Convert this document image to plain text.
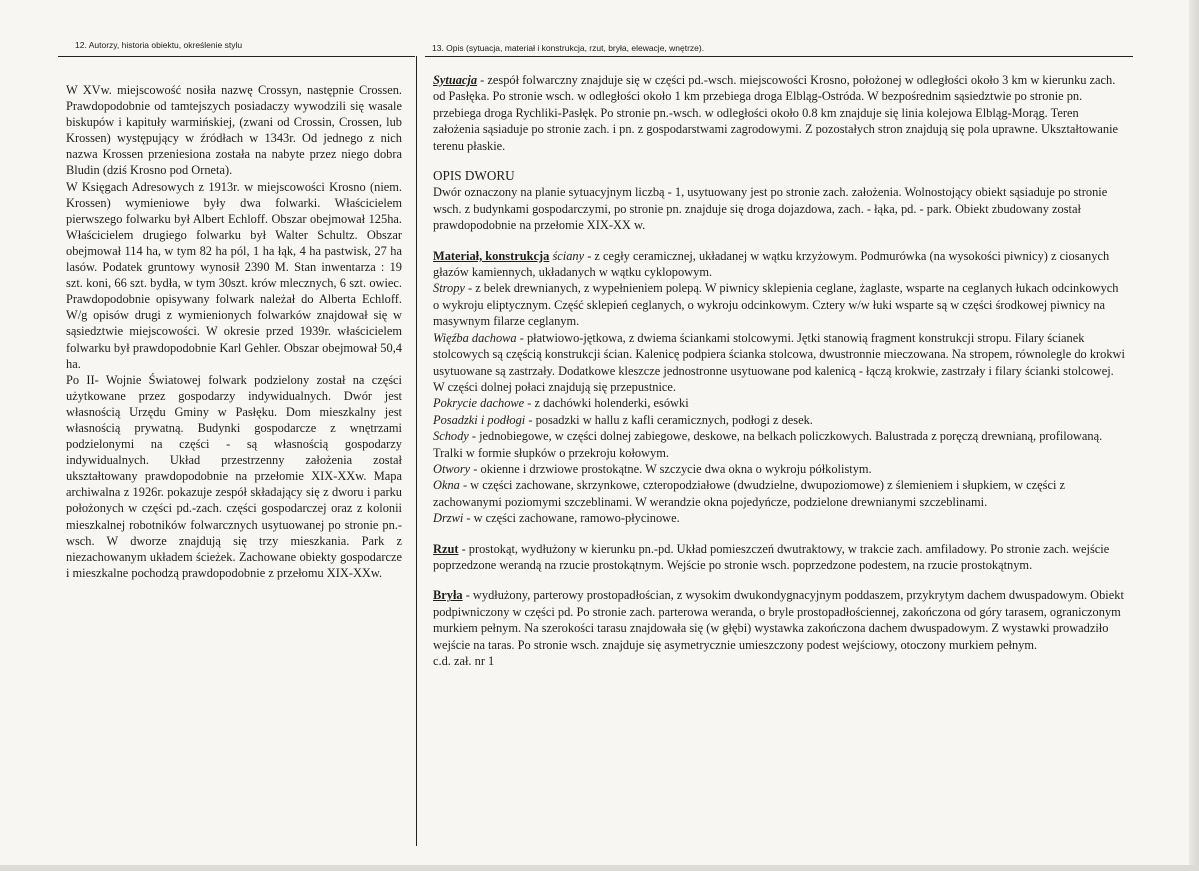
12. Autorzy, historia obiektu, określenie stylu	13. Opis (sytuacja, materiał i konstrukcja, rzut, bryła, elewacje, wnętrze).

W XVw. miejscowość nosiła nazwę Crossyn, następnie Crossen. Prawdopodobnie od tamtejszych posiadaczy wywodzili się wasale biskupów i kapituły warmińskiej, (zwani od Crossin, Crossen, lub Krossen) występujący w źródłach w 1343r. Od jednego z nich nazwa Krossen przeniesiona została na nabyte przez niego dobra Bludin (dziś Krosno pod Orneta).

W Księgach Adresowych z 1913r. w miejscowości Krosno (niem. Krossen) wymieniowe były dwa folwarki. Właścicielem pierwszego folwarku był Albert Echloff. Obszar obejmował 125ha. Właścicielem drugiego folwarku był Walter Schultz. Obszar obejmował 114 ha, w tym 82 ha pól, 1 ha łąk, 4 ha pastwisk, 27 ha lasów. Podatek gruntowy wynosił 2390 M. Stan inwentarza : 19 szt. koni, 66 szt. bydła, w tym 30szt. krów mlecznych, 6 szt. owiec. Prawdopodobnie opisywany folwark należał do Alberta Echloff. W/g opisów drugi z wymienionych folwarków znajdował się w sąsiedztwie miejscowości. W okresie przed 1939r. właścicielem folwarku był prawdopodobnie Karl Gehler. Obszar obejmował 50,4 ha.

Po II- Wojnie Światowej folwark podzielony został na części użytkowane przez gospodarzy indywidualnych. Dwór jest własnością Urzędu Gminy w Pasłęku. Dom mieszkalny jest własnością prywatną. Budynki gospodarcze z wnętrzami podzielonymi na części - są własnością gospodarzy indywidualnych. Układ przestrzenny założenia został ukształtowany prawdopodobnie na przełomie XIX-XXw. Mapa archiwalna z 1926r. pokazuje zespół składający się z dworu i parku położonych w części pd.-zach. części gospodarczej oraz z kolonii mieszkalnej robotników folwarcznych usytuowanej po stronie pn.-wsch. W dworze znajdują się trzy mieszkania. Park z niezachowanym układem ścieżek. Zachowane obiekty gospodarcze i mieszkalne pochodzą prawdopodobnie z przełomu XIX-XXw.

Sytuacja - zespół folwarczny znajduje się w części pd.-wsch. miejscowości Krosno, położonej w odległości około 3 km w kierunku zach. od Pasłęka. Po stronie wsch. w odległości około 1 km przebiega droga Elbląg-Ostróda. W bezpośrednim sąsiedztwie po stronie pn. przebiega droga Rychliki-Pasłęk. Po stronie pn.-wsch. w odległości około 0.8 km znajduje się linia kolejowa Elbląg-Morąg. Teren założenia sąsiaduje po stronie zach. i pn. z gospodarstwami zagrodowymi. Z pozostałych stron znajdują się pola uprawne. Ukształtowanie terenu płaskie.

OPIS DWORU

Dwór oznaczony na planie sytuacyjnym liczbą - 1, usytuowany jest po stronie zach. założenia. Wolnostojący obiekt sąsiaduje po stronie wsch. z budynkami gospodarczymi, po stronie pn. znajduje się droga dojazdowa, zach. - łąka, pd. - park. Obiekt zbudowany został prawdopodobnie na przełomie XIX-XX w.

Materiał, konstrukcja ściany - z cegły ceramicznej, układanej w wątku krzyżowym. Podmurówka (na wysokości piwnicy) z ciosanych głazów kamiennych, układanych w wątku cyklopowym.

Stropy - z belek drewnianych, z wypełnieniem polepą. W piwnicy sklepienia ceglane, żaglaste, wsparte na ceglanych łukach odcinkowych o wykroju eliptycznym. Część sklepień ceglanych, o wykroju odcinkowym. Cztery w/w łuki wsparte są w części środkowej piwnicy na masywnym filarze ceglanym.

Więźba dachowa - płatwiowo-jętkowa, z dwiema ściankami stolcowymi. Jętki stanowią fragment konstrukcji stropu. Filary ścianek stolcowych są częścią konstrukcji ścian. Kalenicę podpiera ścianka stolcowa, dwustronnie mieczowana. Na stropem, równolegle do krokwi usytuowane są zastrzały. Dodatkowe kleszcze jednostronne usytuowane pod kalenicą - łączą krokwie, zastrzały i filary ścianki stolcowej. W części dolnej połaci znajdują się przepustnice.

Pokrycie dachowe - z dachówki holenderki, esówki

Posadzki i podłogi - posadzki w hallu z kafli ceramicznych, podłogi z desek.

Schody - jednobiegowe, w części dolnej zabiegowe, deskowe, na belkach policzkowych. Balustrada z poręczą drewnianą, profilowaną. Tralki w formie słupków o przekroju kołowym.

Otwory - okienne i drzwiowe prostokątne. W szczycie dwa okna o wykroju półkolistym.

Okna - w części zachowane, skrzynkowe, czteropodziałowe (dwudzielne, dwupoziomowe) z ślemieniem i słupkiem, w części z zachowanymi poziomymi szczeblinami. W werandzie okna pojedyńcze, podzielone drewnianymi szczeblinami.

Drzwi - w części zachowane, ramowo-płycinowe.

Rzut - prostokąt, wydłużony w kierunku pn.-pd. Układ pomieszczeń dwutraktowy, w trakcie zach. amfiladowy. Po stronie zach. wejście poprzedzone werandą na rzucie prostokątnym. Wejście po stronie wsch. poprzedzone podestem, na rzucie prostokątnym.

Bryła - wydłużony, parterowy prostopadłościan, z wysokim dwukondygnacyjnym poddaszem, przykrytym dachem dwuspadowym. Obiekt podpiwniczony w części pd. Po stronie zach. parterowa weranda, o bryle prostopadłościennej, zakończona od góry tarasem, ograniczonym murkiem pełnym. Na szerokości tarasu znajdowała się (w głębi) wystawka zakończona dachem dwuspadowym. Z wystawki prowadziło wejście na taras. Po stronie wsch. znajduje się asymetrycznie umieszczony podest wejściowy, otoczony murkiem pełnym.

c.d. zał. nr 1
